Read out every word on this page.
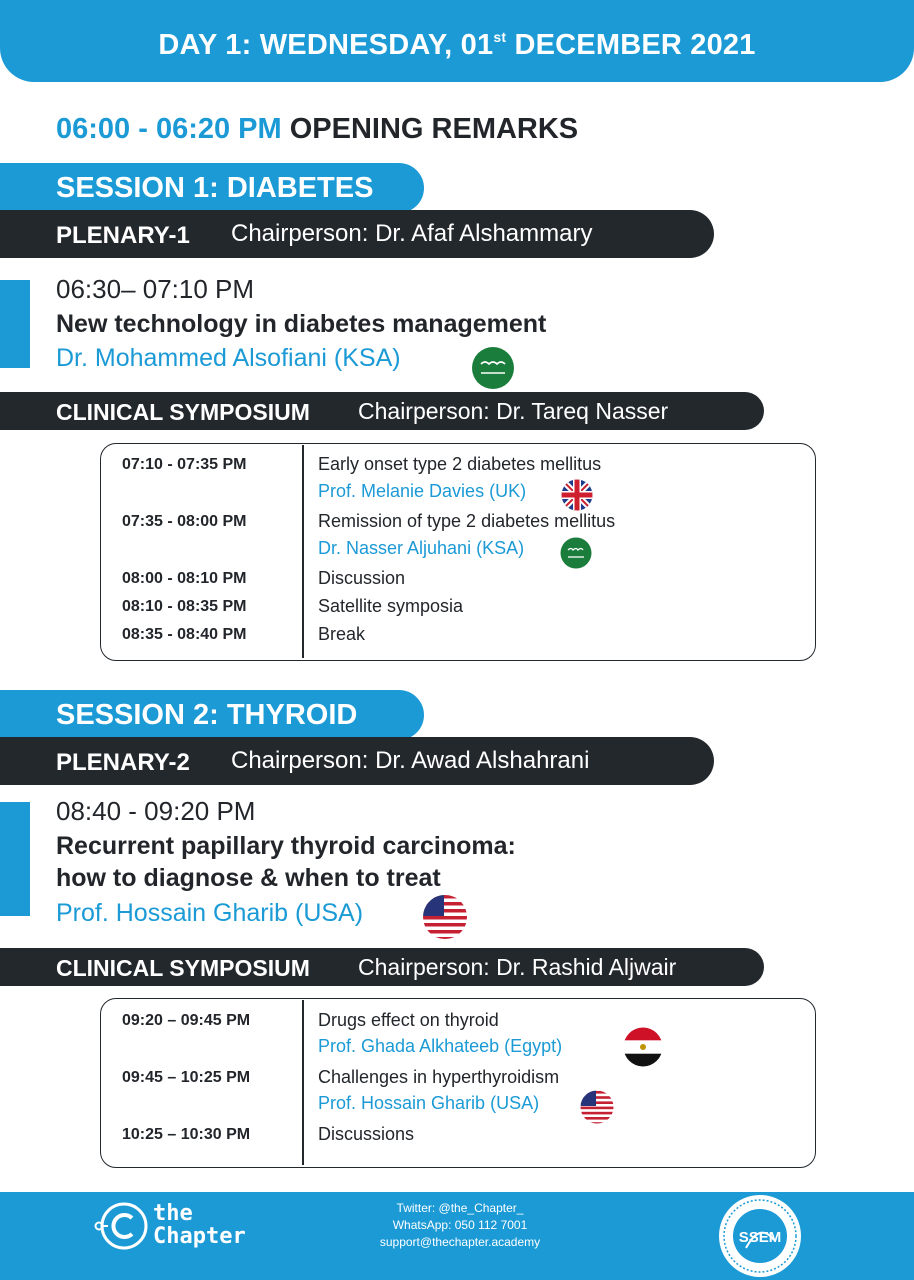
DAY 1: WEDNESDAY, 01st DECEMBER 2021
06:00 - 06:20 PM OPENING REMARKS
SESSION 1: DIABETES
PLENARY-1 Chairperson: Dr. Afaf Alshammary
06:30– 07:10 PM
New technology in diabetes management
Dr. Mohammed Alsofiani (KSA)
CLINICAL SYMPOSIUM Chairperson: Dr. Tareq Nasser
07:10 - 07:35 PM	Early onset type 2 diabetes mellitus
Prof. Melanie Davies (UK)
07:35 - 08:00 PM	Remission of type 2 diabetes mellitus
Dr. Nasser Aljuhani (KSA)
08:00 - 08:10 PM	Discussion
08:10 - 08:35 PM	Satellite symposia
08:35 - 08:40 PM	Break
SESSION 2: THYROID
PLENARY-2 Chairperson: Dr. Awad Alshahrani
08:40 - 09:20 PM
Recurrent papillary thyroid carcinoma:
how to diagnose & when to treat
Prof. Hossain Gharib (USA)
CLINICAL SYMPOSIUM Chairperson: Dr. Rashid Aljwair
09:20 – 09:45 PM	Drugs effect on thyroid
Prof. Ghada Alkhateeb (Egypt)
09:45 – 10:25 PM	Challenges in hyperthyroidism
Prof. Hossain Gharib (USA)
10:25 – 10:30 PM	Discussions
the
Chapter
Twitter: @the_Chapter_
WhatsApp: 050 112 7001
support@thechapter.academy	SSEM
